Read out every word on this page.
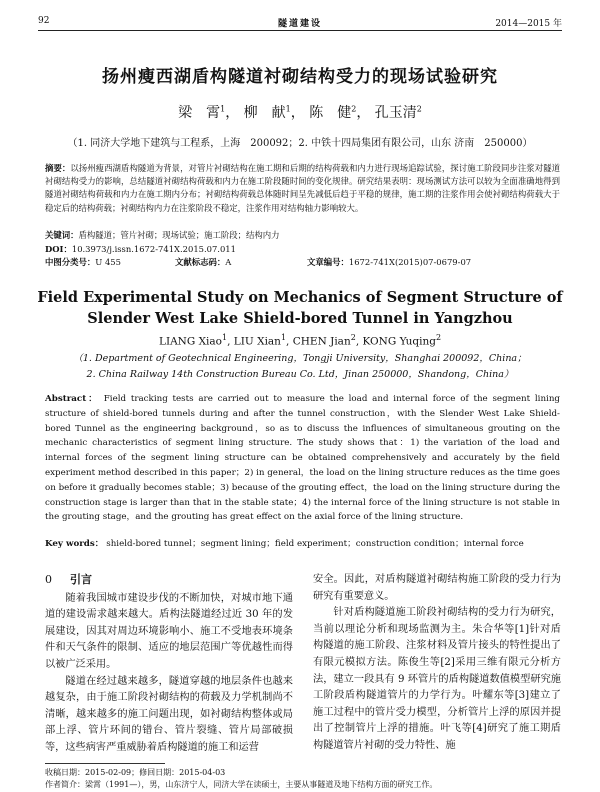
92	隧道建设	2014—2015 年
扬州瘦西湖盾构隧道衬砌结构受力的现场试验研究
梁　霄$^1$， 柳　献$^1$， 陈　健$^2$， 孔玉清$^2$
（1. 同济大学地下建筑与工程系，上海　200092；2. 中铁十四局集团有限公司，山东 济南　250000）
摘要：以扬州瘦西湖盾构隧道为背景，对管片衬砌结构在施工期和后期的结构荷载和内力进行现场追踪试验，探讨施工阶段同步注浆对隧道衬砌结构受力的影响，总结隧道衬砌结构荷载和内力在施工阶段随时间的变化规律。研究结果表明：现场测试方法可以较为全面准确地得到隧道衬砌结构荷载和内力在施工期内分布；衬砌结构荷载总体随时间呈先减低后趋于平稳的规律，施工期的注浆作用会使衬砌结构荷载大于稳定后的结构荷载；衬砌结构内力在注浆阶段不稳定，注浆作用对结构轴力影响较大。
关键词：盾构隧道；管片衬砌；现场试验；施工阶段；结构内力
DOI：10.3973/j.issn.1672-741X.2015.07.011
中图分类号：U 455	文献标志码：A	文章编号：1672-741X(2015)07-0679-07
Field Experimental Study on Mechanics of Segment Structure of
Slender West Lake Shield-bored Tunnel in Yangzhou
LIANG Xiao$^1$, LIU Xian$^1$, CHEN Jian$^2$, KONG Yuqing$^2$
（1. Department of Geotechnical Engineering，Tongji University，Shanghai 200092，China；
2. China Railway 14th Construction Bureau Co. Ltd，Jinan 250000，Shandong，China）
Abstract： Field tracking tests are carried out to measure the load and internal force of the segment lining structure of shield-bored tunnels during and after the tunnel construction，with the Slender West Lake Shield-bored Tunnel as the engineering background，so as to discuss the influences of simultaneous grouting on the mechanic characteristics of segment lining structure. The study shows that：1) the variation of the load and internal forces of the segment lining structure can be obtained comprehensively and accurately by the field experiment method described in this paper；2) in general，the load on the lining structure reduces as the time goes on before it gradually becomes stable；3) because of the grouting effect，the load on the lining structure during the construction stage is larger than that in the stable state；4) the internal force of the lining structure is not stable in the grouting stage，and the grouting has great effect on the axial force of the lining structure.
Key words： shield-bored tunnel；segment lining；field experiment；construction condition；internal force
0 引言

随着我国城市建设步伐的不断加快，对城市地下通道的建设需求越来越大。盾构法隧道经过近 30 年的发展建设，因其对周边环境影响小、施工不受地表环境条件和天气条件的限制、适应的地层范围广等优越性而得以被广泛采用。

隧道在经过越来越多，隧道穿越的地层条件也越来越复杂，由于施工阶段衬砌结构的荷载及力学机制尚不清晰，越来越多的施工问题出现，如衬砌结构整体或局部上浮、管片环间的错台、管片裂缝、管片局部破损等，这些病害严重威胁着盾构隧道的施工和运营

安全。因此，对盾构隧道衬砌结构施工阶段的受力行为研究有重要意义。

针对盾构隧道施工阶段衬砌结构的受力行为研究，当前以理论分析和现场监测为主。朱合华等[1]针对盾构隧道的施工阶段、注浆材料及管片接头的特性提出了有限元模拟方法。陈俊生等[2]采用三维有限元分析方法，建立一段具有 9 环管片的盾构隧道数值模型研究施工阶段盾构隧道管片的力学行为。叶耀东等[3]建立了施工过程中的管片受力模型，分析管片上浮的原因并提出了控制管片上浮的措施。叶飞等[4]研究了施工期盾构隧道管片衬砌的受力特性、施

收稿日期：2015-02-09；修回日期：2015-04-03
作者简介：梁霄（1991—），男，山东济宁人，同济大学在读硕士，主要从事隧道及地下结构方面的研究工作。
